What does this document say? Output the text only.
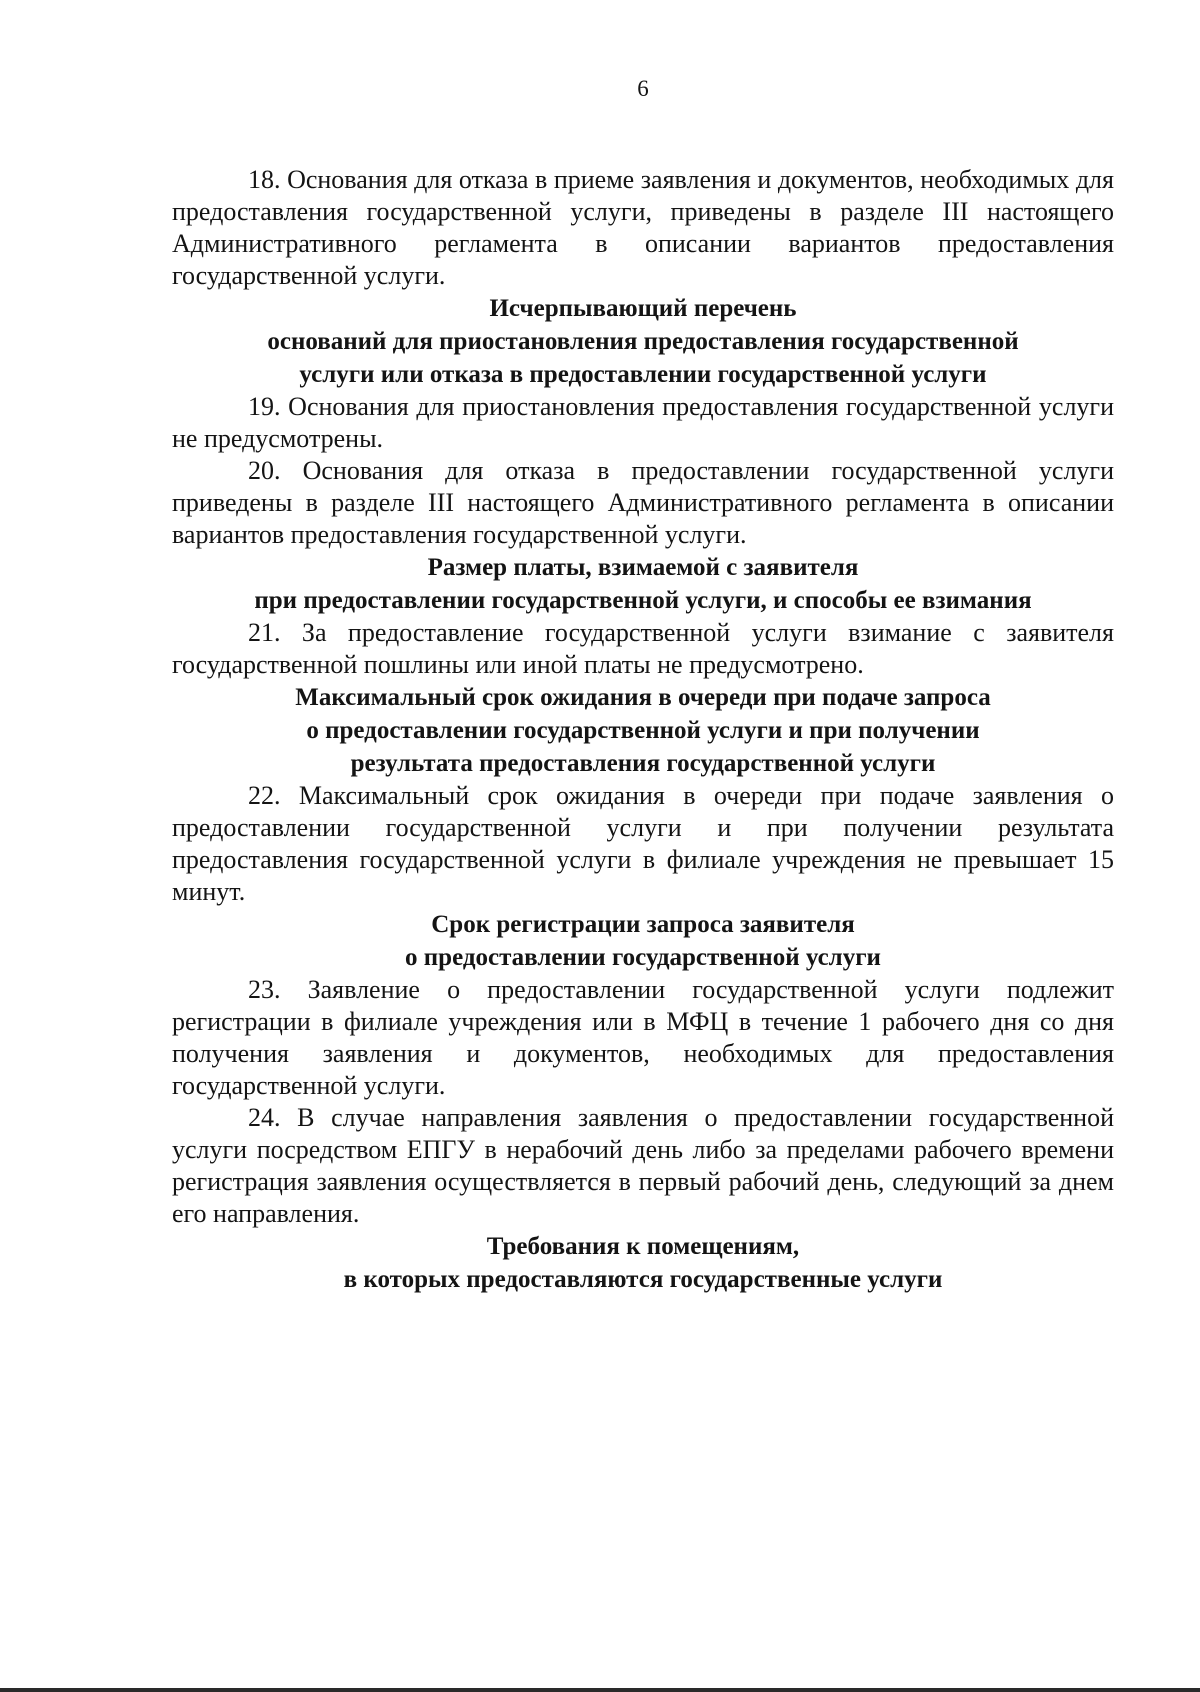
6

18. Основания для отказа в приеме заявления и документов, необходимых для предоставления государственной услуги, приведены в разделе III настоящего Административного регламента в описании вариантов предоставления государственной услуги.

Исчерпывающий перечень
оснований для приостановления предоставления государственной
услуги или отказа в предоставлении государственной услуги

19. Основания для приостановления предоставления государственной услуги не предусмотрены.

20. Основания для отказа в предоставлении государственной услуги приведены в разделе III настоящего Административного регламента в описании вариантов предоставления государственной услуги.

Размер платы, взимаемой с заявителя
при предоставлении государственной услуги, и способы ее взимания

21. За предоставление государственной услуги взимание с заявителя государственной пошлины или иной платы не предусмотрено.

Максимальный срок ожидания в очереди при подаче запроса
о предоставлении государственной услуги и при получении
результата предоставления государственной услуги

22. Максимальный срок ожидания в очереди при подаче заявления о предоставлении государственной услуги и при получении результата предоставления государственной услуги в филиале учреждения не превышает 15 минут.

Срок регистрации запроса заявителя
о предоставлении государственной услуги

23. Заявление о предоставлении государственной услуги подлежит регистрации в филиале учреждения или в МФЦ в течение 1 рабочего дня со дня получения заявления и документов, необходимых для предоставления государственной услуги.

24. В случае направления заявления о предоставлении государственной услуги посредством ЕПГУ в нерабочий день либо за пределами рабочего времени регистрация заявления осуществляется в первый рабочий день, следующий за днем его направления.

Требования к помещениям,
в которых предоставляются государственные услуги
